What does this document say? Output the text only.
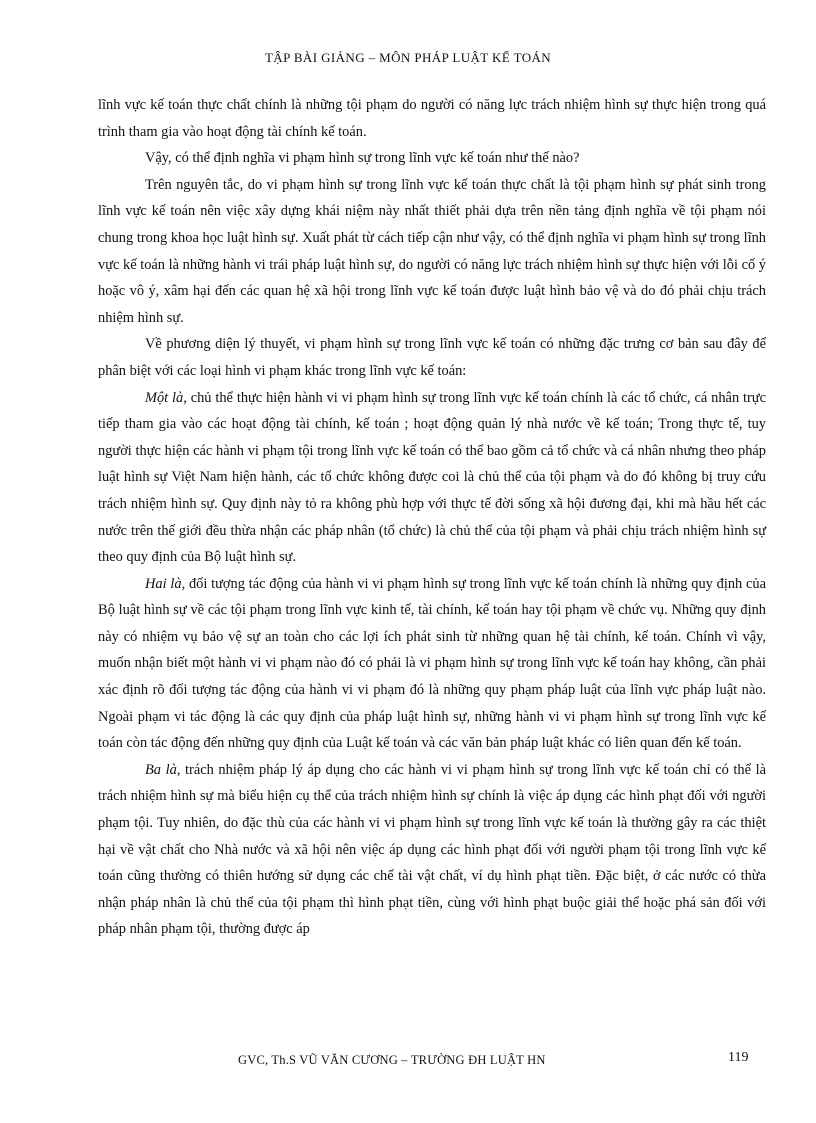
TẬP BÀI GIẢNG – MÔN PHÁP LUẬT KẾ TOÁN

lĩnh vực kế toán thực chất chính là những tội phạm do người có năng lực trách nhiệm hình sự thực hiện trong quá trình tham gia vào hoạt động tài chính kế toán.

Vậy, có thể định nghĩa vi phạm hình sự trong lĩnh vực kế toán như thế nào?

Trên nguyên tắc, do vi phạm hình sự trong lĩnh vực kế toán thực chất là tội phạm hình sự phát sinh trong lĩnh vực kế toán nên việc xây dựng khái niệm này nhất thiết phải dựa trên nền tảng định nghĩa về tội phạm nói chung trong khoa học luật hình sự. Xuất phát từ cách tiếp cận như vậy, có thể định nghĩa vi phạm hình sự trong lĩnh vực kế toán là những hành vi trái pháp luật hình sự, do người có năng lực trách nhiệm hình sự thực hiện với lỗi cố ý hoặc vô ý, xâm hại đến các quan hệ xã hội trong lĩnh vực kế toán được luật hình bảo vệ và do đó phải chịu trách nhiệm hình sự.

Về phương diện lý thuyết, vi phạm hình sự trong lĩnh vực kế toán có những đặc trưng cơ bản sau đây để phân biệt với các loại hình vi phạm khác trong lĩnh vực kế toán:

Một là, chủ thể thực hiện hành vi vi phạm hình sự trong lĩnh vực kế toán chính là các tổ chức, cá nhân trực tiếp tham gia vào các hoạt động tài chính, kế toán ; hoạt động quản lý nhà nước về kế toán; Trong thực tế, tuy người thực hiện các hành vi phạm tội trong lĩnh vực kế toán có thể bao gồm cả tổ chức và cá nhân nhưng theo pháp luật hình sự Việt Nam hiện hành, các tổ chức không được coi là chủ thể của tội phạm và do đó không bị truy cứu trách nhiệm hình sự. Quy định này tỏ ra không phù hợp với thực tế đời sống xã hội đương đại, khi mà hầu hết các nước trên thế giới đều thừa nhận các pháp nhân (tổ chức) là chủ thể của tội phạm và phải chịu trách nhiệm hình sự theo quy định của Bộ luật hình sự.

Hai là, đối tượng tác động của hành vi vi phạm hình sự trong lĩnh vực kế toán chính là những quy định của Bộ luật hình sự về các tội phạm trong lĩnh vực kinh tế, tài chính, kế toán hay tội phạm về chức vụ. Những quy định này có nhiệm vụ bảo vệ sự an toàn cho các lợi ích phát sinh từ những quan hệ tài chính, kế toán. Chính vì vậy, muốn nhận biết một hành vi vi phạm nào đó có phải là vi phạm hình sự trong lĩnh vực kế toán hay không, cần phải xác định rõ đối tượng tác động của hành vi vi phạm đó là những quy phạm pháp luật của lĩnh vực pháp luật nào. Ngoài phạm vi tác động là các quy định của pháp luật hình sự, những hành vi vi phạm hình sự trong lĩnh vực kế toán còn tác động đến những quy định của Luật kế toán và các văn bản pháp luật khác có liên quan đến kế toán.

Ba là, trách nhiệm pháp lý áp dụng cho các hành vi vi phạm hình sự trong lĩnh vực kế toán chỉ có thể là trách nhiệm hình sự mà biểu hiện cụ thể của trách nhiệm hình sự chính là việc áp dụng các hình phạt đối với người phạm tội. Tuy nhiên, do đặc thù của các hành vi vi phạm hình sự trong lĩnh vực kế toán là thường gây ra các thiệt hại về vật chất cho Nhà nước và xã hội nên việc áp dụng các hình phạt đối với người phạm tội trong lĩnh vực kế toán cũng thường có thiên hướng sử dụng các chế tài vật chất, ví dụ hình phạt tiền. Đặc biệt, ở các nước có thừa nhận pháp nhân là chủ thể của tội phạm thì hình phạt tiền, cùng với hình phạt buộc giải thể hoặc phá sản đối với pháp nhân phạm tội, thường được áp

GVC, Th.S VŨ VĂN CƯƠNG – TRƯỜNG ĐH LUẬT HN	119
